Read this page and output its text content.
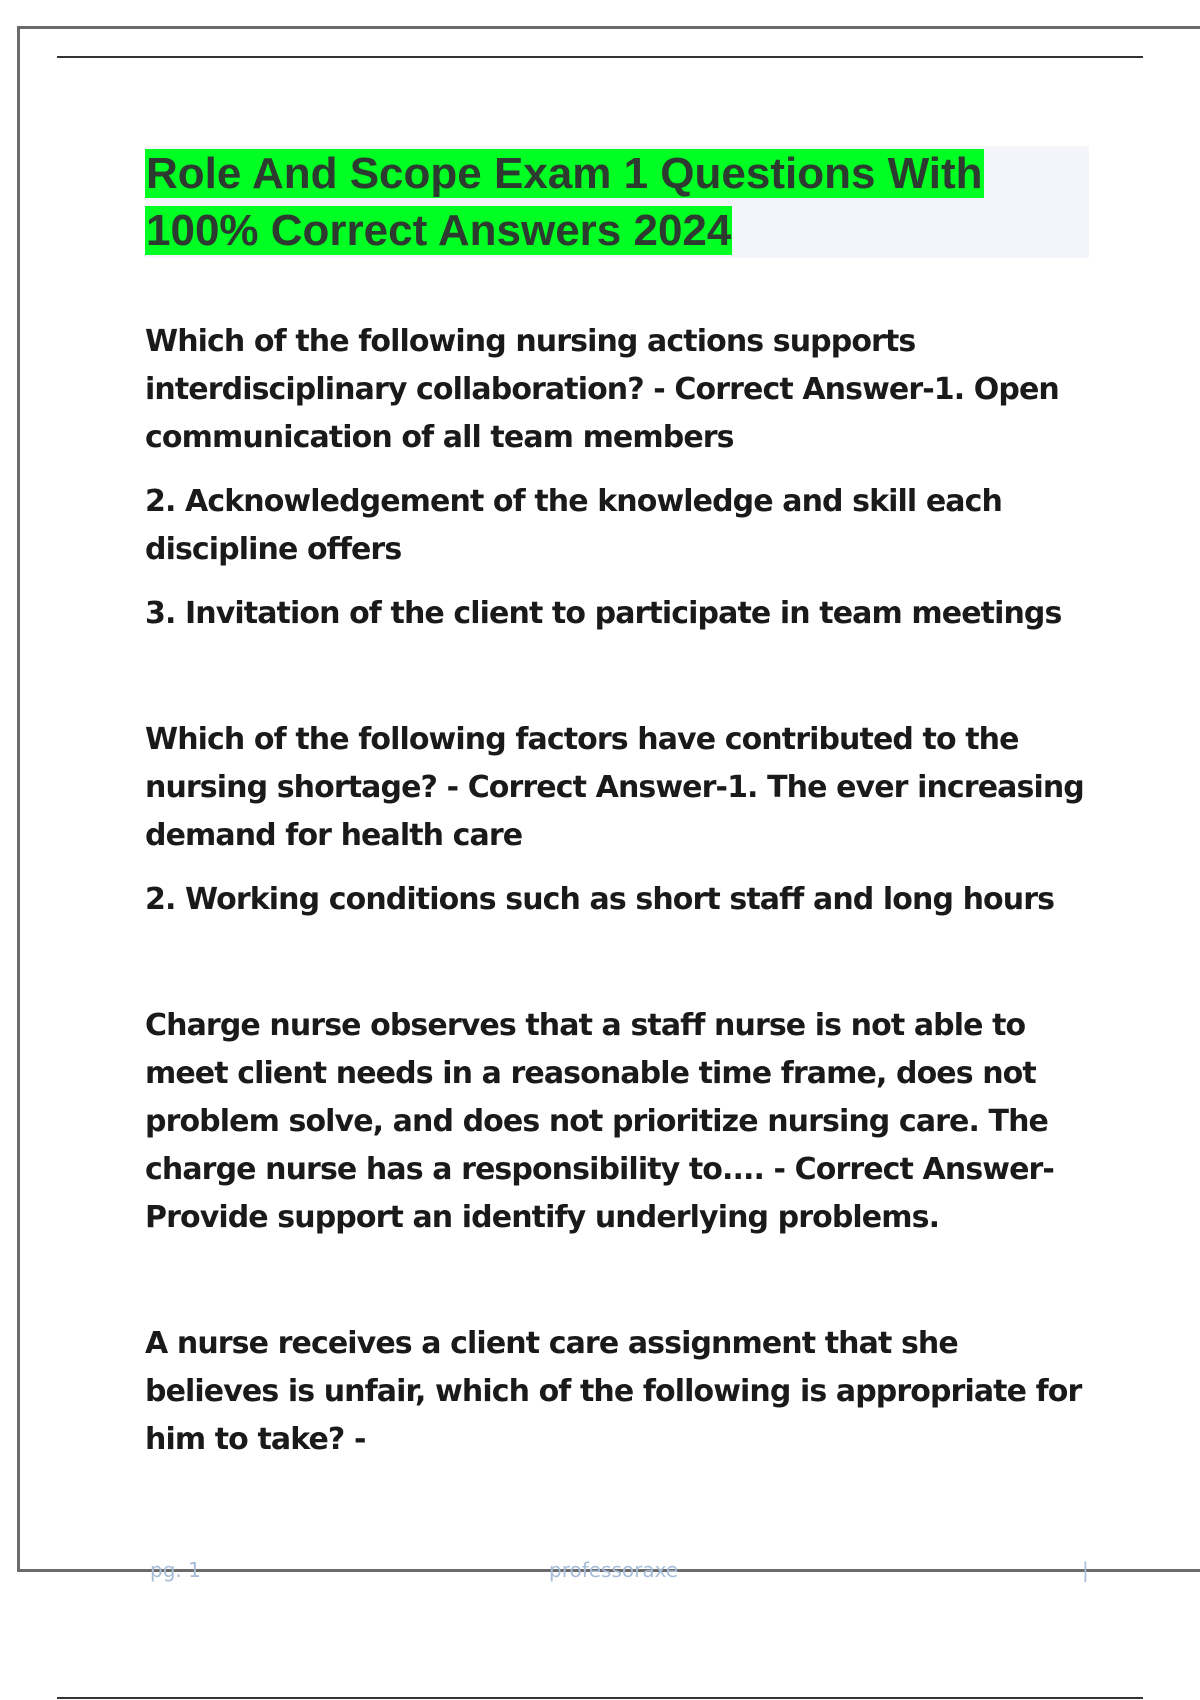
Role And Scope Exam 1 Questions With
100% Correct Answers 2024

Which of the following nursing actions supports interdisciplinary collaboration? - Correct Answer-1. Open communication of all team members

2. Acknowledgement of the knowledge and skill each discipline offers

3. Invitation of the client to participate in team meetings

Which of the following factors have contributed to the nursing shortage? - Correct Answer-1. The ever increasing demand for health care

2. Working conditions such as short staff and long hours

Charge nurse observes that a staff nurse is not able to meet client needs in a reasonable time frame, does not problem solve, and does not prioritize nursing care. The charge nurse has a responsibility to.... - Correct Answer-Provide support an identify underlying problems.

A nurse receives a client care assignment that she believes is unfair, which of the following is appropriate for him to take? -

pg. 1	professoraxe	|
